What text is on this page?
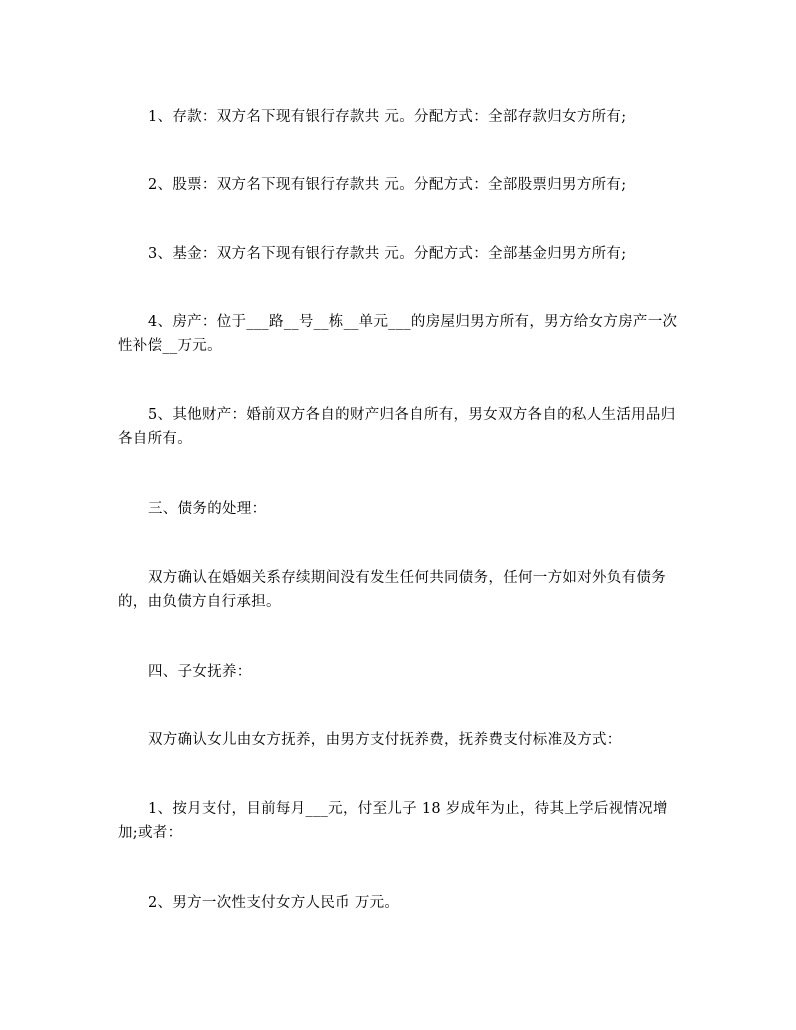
1、存款：双方名下现有银行存款共 元。分配方式：全部存款归女方所有;

2、股票：双方名下现有银行存款共 元。分配方式：全部股票归男方所有;

3、基金：双方名下现有银行存款共 元。分配方式：全部基金归男方所有;

4、房产：位于___路__号__栋__单元___的房屋归男方所有，男方给女方房产一次性补偿__万元。

5、其他财产：婚前双方各自的财产归各自所有，男女双方各自的私人生活用品归各自所有。

三、债务的处理：

双方确认在婚姻关系存续期间没有发生任何共同债务，任何一方如对外负有债务的，由负债方自行承担。

四、子女抚养：

双方确认女儿由女方抚养，由男方支付抚养费，抚养费支付标准及方式：

1、按月支付，目前每月___元，付至儿子 18 岁成年为止，待其上学后视情况增加;或者：

2、男方一次性支付女方人民币 万元。
